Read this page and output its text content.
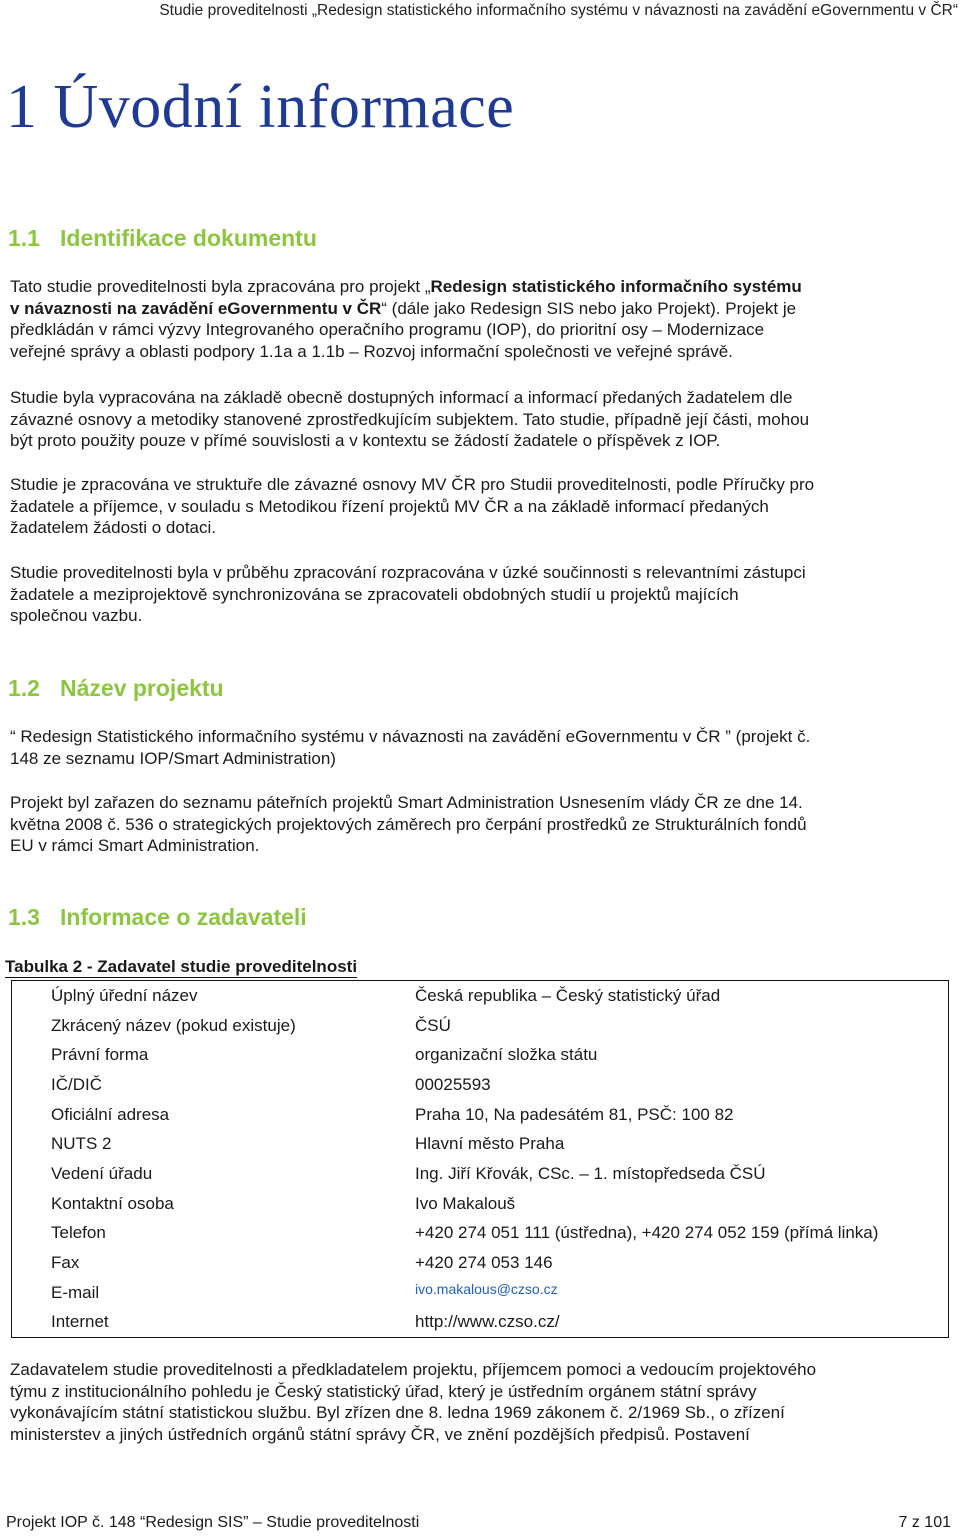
Studie proveditelnosti „Redesign statistického informačního systému v návaznosti na zavádění eGovernmentu v ČR“
1 Úvodní informace
1.1 Identifikace dokumentu
Tato studie proveditelnosti byla zpracována pro projekt „Redesign statistického informačního systému
v návaznosti na zavádění eGovernmentu v ČR“ (dále jako Redesign SIS nebo jako Projekt). Projekt je
předkládán v rámci výzvy Integrovaného operačního programu (IOP), do prioritní osy – Modernizace
veřejné správy a oblasti podpory 1.1a a 1.1b – Rozvoj informační společnosti ve veřejné správě.
Studie byla vypracována na základě obecně dostupných informací a informací předaných žadatelem dle
závazné osnovy a metodiky stanovené zprostředkujícím subjektem. Tato studie, případně její části, mohou
být proto použity pouze v přímé souvislosti a v kontextu se žádostí žadatele o příspěvek z IOP.
Studie je zpracována ve struktuře dle závazné osnovy MV ČR pro Studii proveditelnosti, podle Příručky pro
žadatele a příjemce, v souladu s Metodikou řízení projektů MV ČR a na základě informací předaných
žadatelem žádosti o dotaci.
Studie proveditelnosti byla v průběhu zpracování rozpracována v úzké součinnosti s relevantními zástupci
žadatele a meziprojektově synchronizována se zpracovateli obdobných studií u projektů majících
společnou vazbu.
1.2 Název projektu
“ Redesign Statistického informačního systému v návaznosti na zavádění eGovernmentu v ČR ” (projekt č.
148 ze seznamu IOP/Smart Administration)
Projekt byl zařazen do seznamu páteřních projektů Smart Administration Usnesením vlády ČR ze dne 14.
května 2008 č. 536 o strategických projektových záměrech pro čerpání prostředků ze Strukturálních fondů
EU v rámci Smart Administration.
1.3 Informace o zadavateli
Tabulka 2 - Zadavatel studie proveditelnosti
Úplný úřední název	Česká republika – Český statistický úřad
Zkrácený název (pokud existuje)	ČSÚ
Právní forma	organizační složka státu
IČ/DIČ	00025593
Oficiální adresa	Praha 10, Na padesátém 81, PSČ: 100 82
NUTS 2	Hlavní město Praha
Vedení úřadu	Ing. Jiří Křovák, CSc. – 1. místopředseda ČSÚ
Kontaktní osoba	Ivo Makalouš
Telefon	+420 274 051 111 (ústředna), +420 274 052 159 (přímá linka)
Fax	+420 274 053 146
E-mail	$^{ivo.makalous@czso.cz}$
Internet	http://www.czso.cz/
Zadavatelem studie proveditelnosti a předkladatelem projektu, příjemcem pomoci a vedoucím projektového
týmu z institucionálního pohledu je Český statistický úřad, který je ústředním orgánem státní správy
vykonávajícím státní statistickou službu. Byl zřízen dne 8. ledna 1969 zákonem č. 2/1969 Sb., o zřízení
ministerstev a jiných ústředních orgánů státní správy ČR, ve znění pozdějších předpisů. Postavení
Projekt IOP č. 148 “Redesign SIS” – Studie proveditelnosti	7 z 101
